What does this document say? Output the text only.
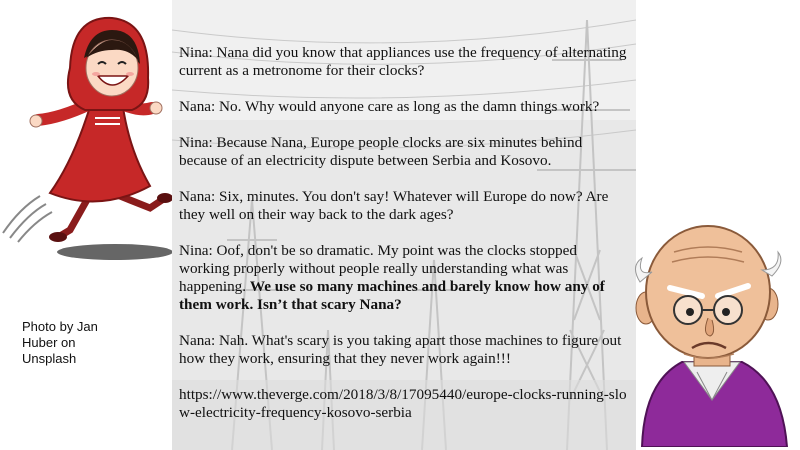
Photo by Jan
Huber on
Unsplash

Nina: Nana did you know that appliances use the frequency of alternating current as a metronome for their clocks?

Nana: No. Why would anyone care as long as the damn things work?

Nina: Because Nana, Europe people clocks are six minutes behind because of an electricity dispute between Serbia and Kosovo.

Nana: Six, minutes. You don't say! Whatever will Europe do now? Are they well on their way back to the dark ages?

Nina: Oof, don't be so dramatic. My point was the clocks stopped working properly without people really understanding what was happening. We use so many machines and barely know how any of them work. Isn’t that scary Nana?

Nana: Nah. What's scary is you taking apart those machines to figure out how they work, ensuring that they never work again!!!

https://www.theverge.com/2018/3/8/17095440/europe-clocks-running-slow-electricity-frequency-kosovo-serbia
